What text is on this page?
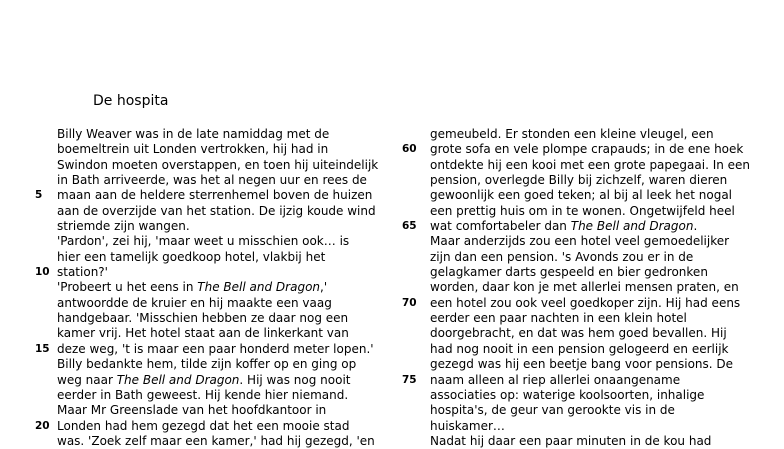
De hospita
Billy Weaver was in de late namiddag met de
boemeltrein uit Londen vertrokken, hij had in
Swindon moeten overstappen, en toen hij uiteindelijk
in Bath arriveerde, was het al negen uur en rees de
5 maan aan de heldere sterrenhemel boven de huizen
aan de overzijde van het station. De ijzig koude wind
striemde zijn wangen.
'Pardon', zei hij, 'maar weet u misschien ook… is
hier een tamelijk goedkoop hotel, vlakbij het
10 station?'
'Probeert u het eens in The Bell and Dragon,'
antwoordde de kruier en hij maakte een vaag
handgebaar. 'Misschien hebben ze daar nog een
kamer vrij. Het hotel staat aan de linkerkant van
15 deze weg, 't is maar een paar honderd meter lopen.'
Billy bedankte hem, tilde zijn koffer op en ging op
weg naar The Bell and Dragon. Hij was nog nooit
eerder in Bath geweest. Hij kende hier niemand.
Maar Mr Greenslade van het hoofdkantoor in
20 Londen had hem gezegd dat het een mooie stad
was. 'Zoek zelf maar een kamer,' had hij gezegd, 'en
gemeubeld. Er stonden een kleine vleugel, een
60 grote sofa en vele plompe crapauds; in de ene hoek
ontdekte hij een kooi met een grote papegaai. In een
pension, overlegde Billy bij zichzelf, waren dieren
gewoonlijk een goed teken; al bij al leek het nogal
een prettig huis om in te wonen. Ongetwijfeld heel
65 wat comfortabeler dan The Bell and Dragon.
Maar anderzijds zou een hotel veel gemoedelijker
zijn dan een pension. 's Avonds zou er in de
gelagkamer darts gespeeld en bier gedronken
worden, daar kon je met allerlei mensen praten, en
70 een hotel zou ook veel goedkoper zijn. Hij had eens
eerder een paar nachten in een klein hotel
doorgebracht, en dat was hem goed bevallen. Hij
had nog nooit in een pension gelogeerd en eerlijk
gezegd was hij een beetje bang voor pensions. De
75 naam alleen al riep allerlei onaangename
associaties op: waterige koolsoorten, inhalige
hospita's, de geur van gerookte vis in de
huiskamer…
Nadat hij daar een paar minuten in de kou had
